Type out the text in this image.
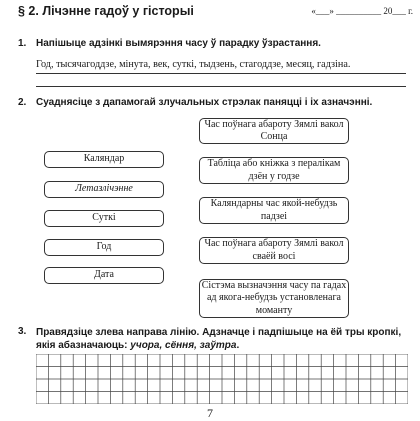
§ 2. Лічэнне гадоў у гісторыі	«___» __________ 20___ г.
1. Напішыце адзінкі вымярэння часу ў парадку ўзрастання.
Год, тысячагоддзе, мінута, век, суткі, тыдзень, стагоддзе, месяц, гадзіна.
2. Суаднясіце з дапамогай злучальных стрэлак паняцці і іх азначэнні.
Каляндар
Летазлічэнне
Суткі
Год
Дата
Час поўнага абароту Зямлі вакол Сонца
Табліца або кніжка з пералікам дзён у годзе
Каляндарны час якой-небудзь падзеі
Час поўнага абароту Зямлі вакол сваёй восі
Сістэма вызначэння часу па гадах ад якога-небудзь установленага моманту
3. Правядзіце злева направа лінію. Адзначце і падпішыце на ёй тры кропкі, якія абазначаюць: учора, сёння, заўтра.
7
